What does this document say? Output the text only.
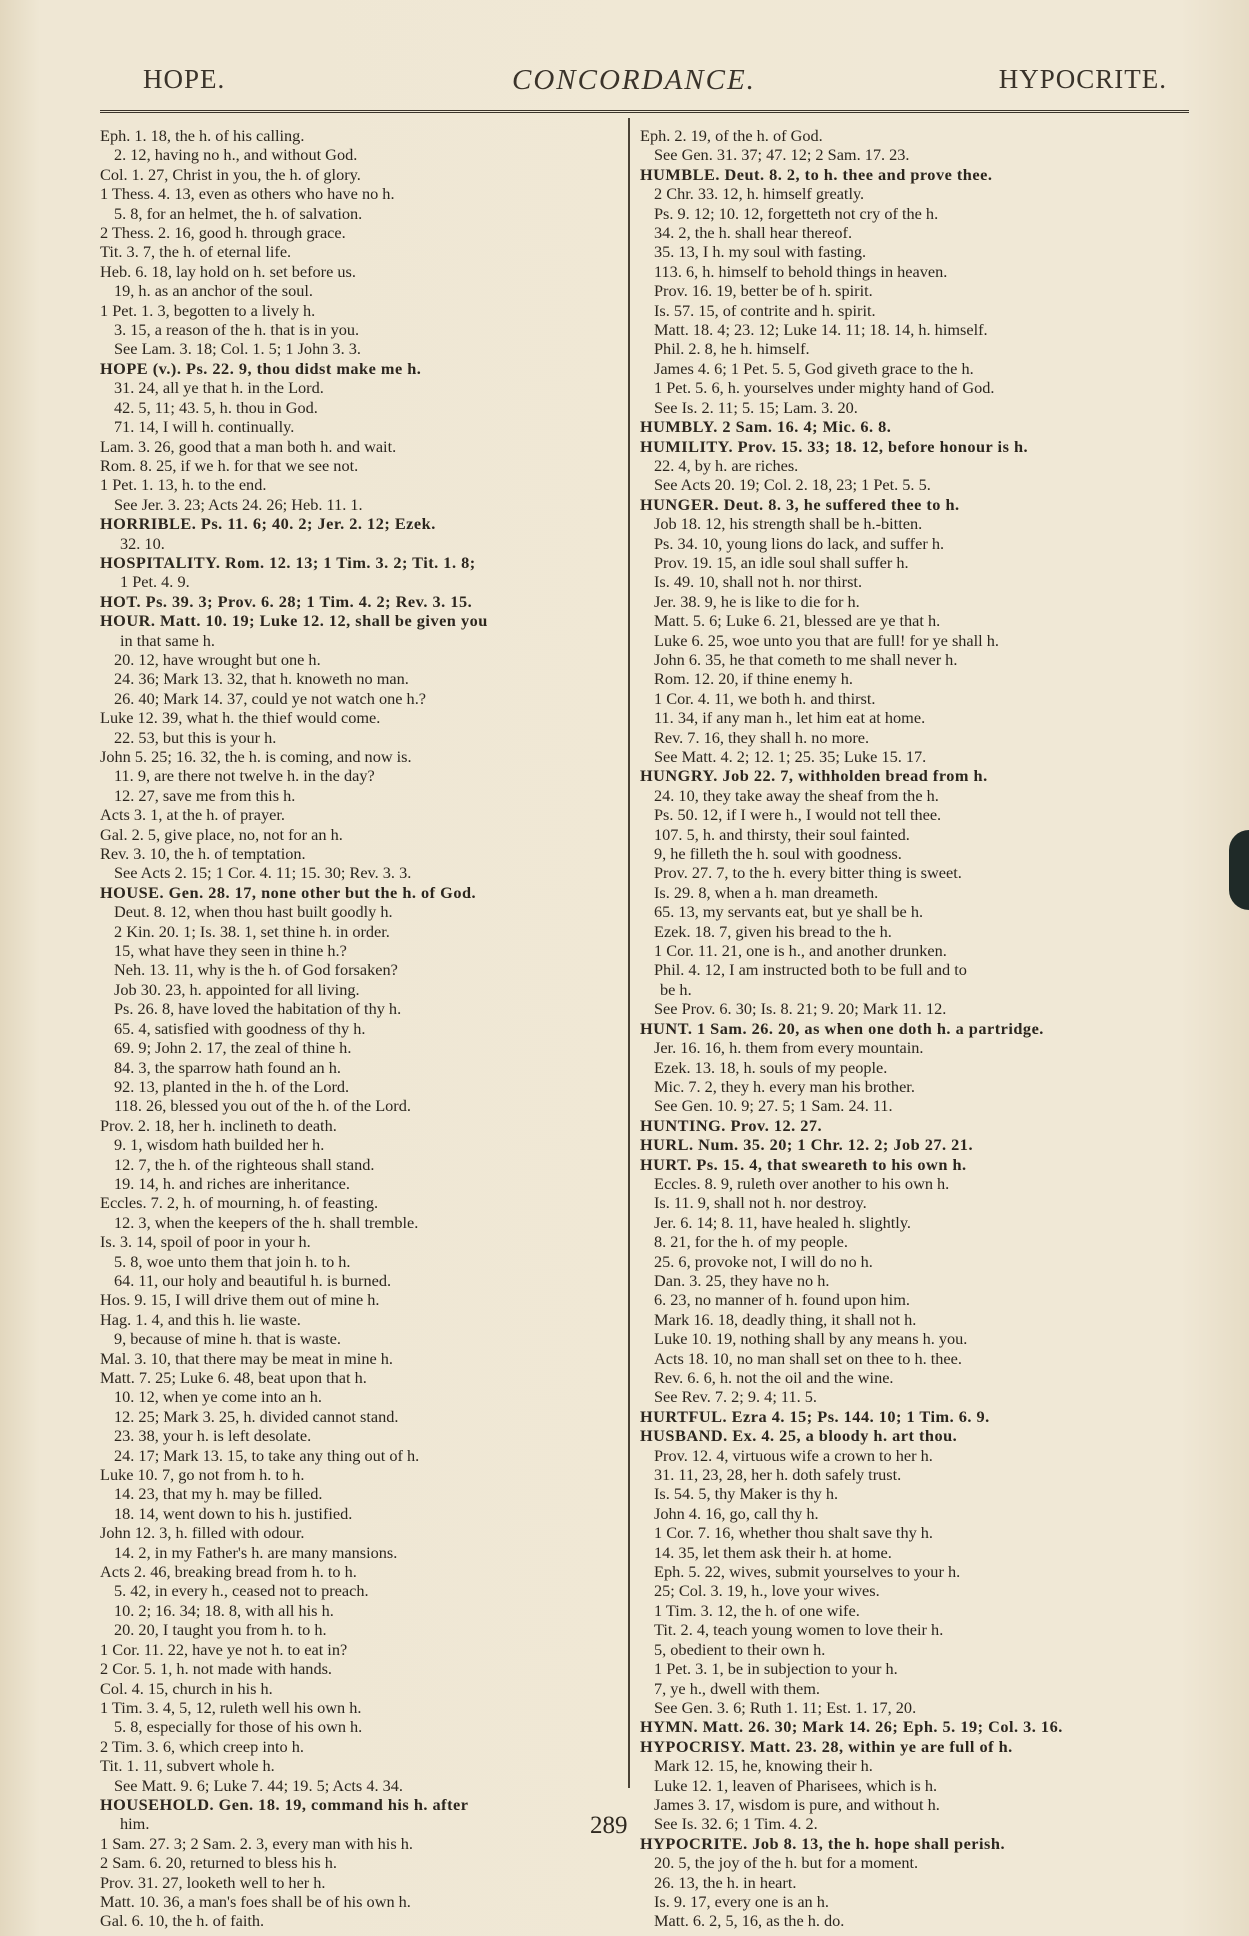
HOPE.	CONCORDANCE.	HYPOCRITE.
Eph. 1. 18, the h. of his calling.
2. 12, having no h., and without God.
Col. 1. 27, Christ in you, the h. of glory.
1 Thess. 4. 13, even as others who have no h.
5. 8, for an helmet, the h. of salvation.
2 Thess. 2. 16, good h. through grace.
Tit. 3. 7, the h. of eternal life.
Heb. 6. 18, lay hold on h. set before us.
19, h. as an anchor of the soul.
1 Pet. 1. 3, begotten to a lively h.
3. 15, a reason of the h. that is in you.
See Lam. 3. 18; Col. 1. 5; 1 John 3. 3.
HOPE (v.). Ps. 22. 9, thou didst make me h.
31. 24, all ye that h. in the Lord.
42. 5, 11; 43. 5, h. thou in God.
71. 14, I will h. continually.
Lam. 3. 26, good that a man both h. and wait.
Rom. 8. 25, if we h. for that we see not.
1 Pet. 1. 13, h. to the end.
See Jer. 3. 23; Acts 24. 26; Heb. 11. 1.
HORRIBLE. Ps. 11. 6; 40. 2; Jer. 2. 12; Ezek.
32. 10.
HOSPITALITY. Rom. 12. 13; 1 Tim. 3. 2; Tit. 1. 8;
1 Pet. 4. 9.
HOT. Ps. 39. 3; Prov. 6. 28; 1 Tim. 4. 2; Rev. 3. 15.
HOUR. Matt. 10. 19; Luke 12. 12, shall be given you
in that same h.
20. 12, have wrought but one h.
24. 36; Mark 13. 32, that h. knoweth no man.
26. 40; Mark 14. 37, could ye not watch one h.?
Luke 12. 39, what h. the thief would come.
22. 53, but this is your h.
John 5. 25; 16. 32, the h. is coming, and now is.
11. 9, are there not twelve h. in the day?
12. 27, save me from this h.
Acts 3. 1, at the h. of prayer.
Gal. 2. 5, give place, no, not for an h.
Rev. 3. 10, the h. of temptation.
See Acts 2. 15; 1 Cor. 4. 11; 15. 30; Rev. 3. 3.
HOUSE. Gen. 28. 17, none other but the h. of God.
Deut. 8. 12, when thou hast built goodly h.
2 Kin. 20. 1; Is. 38. 1, set thine h. in order.
15, what have they seen in thine h.?
Neh. 13. 11, why is the h. of God forsaken?
Job 30. 23, h. appointed for all living.
Ps. 26. 8, have loved the habitation of thy h.
65. 4, satisfied with goodness of thy h.
69. 9; John 2. 17, the zeal of thine h.
84. 3, the sparrow hath found an h.
92. 13, planted in the h. of the Lord.
118. 26, blessed you out of the h. of the Lord.
Prov. 2. 18, her h. inclineth to death.
9. 1, wisdom hath builded her h.
12. 7, the h. of the righteous shall stand.
19. 14, h. and riches are inheritance.
Eccles. 7. 2, h. of mourning, h. of feasting.
12. 3, when the keepers of the h. shall tremble.
Is. 3. 14, spoil of poor in your h.
5. 8, woe unto them that join h. to h.
64. 11, our holy and beautiful h. is burned.
Hos. 9. 15, I will drive them out of mine h.
Hag. 1. 4, and this h. lie waste.
9, because of mine h. that is waste.
Mal. 3. 10, that there may be meat in mine h.
Matt. 7. 25; Luke 6. 48, beat upon that h.
10. 12, when ye come into an h.
12. 25; Mark 3. 25, h. divided cannot stand.
23. 38, your h. is left desolate.
24. 17; Mark 13. 15, to take any thing out of h.
Luke 10. 7, go not from h. to h.
14. 23, that my h. may be filled.
18. 14, went down to his h. justified.
John 12. 3, h. filled with odour.
14. 2, in my Father's h. are many mansions.
Acts 2. 46, breaking bread from h. to h.
5. 42, in every h., ceased not to preach.
10. 2; 16. 34; 18. 8, with all his h.
20. 20, I taught you from h. to h.
1 Cor. 11. 22, have ye not h. to eat in?
2 Cor. 5. 1, h. not made with hands.
Col. 4. 15, church in his h.
1 Tim. 3. 4, 5, 12, ruleth well his own h.
5. 8, especially for those of his own h.
2 Tim. 3. 6, which creep into h.
Tit. 1. 11, subvert whole h.
See Matt. 9. 6; Luke 7. 44; 19. 5; Acts 4. 34.
HOUSEHOLD. Gen. 18. 19, command his h. after
him.
1 Sam. 27. 3; 2 Sam. 2. 3, every man with his h.
2 Sam. 6. 20, returned to bless his h.
Prov. 31. 27, looketh well to her h.
Matt. 10. 36, a man's foes shall be of his own h.
Gal. 6. 10, the h. of faith.
Eph. 2. 19, of the h. of God.
See Gen. 31. 37; 47. 12; 2 Sam. 17. 23.
HUMBLE. Deut. 8. 2, to h. thee and prove thee.
2 Chr. 33. 12, h. himself greatly.
Ps. 9. 12; 10. 12, forgetteth not cry of the h.
34. 2, the h. shall hear thereof.
35. 13, I h. my soul with fasting.
113. 6, h. himself to behold things in heaven.
Prov. 16. 19, better be of h. spirit.
Is. 57. 15, of contrite and h. spirit.
Matt. 18. 4; 23. 12; Luke 14. 11; 18. 14, h. himself.
Phil. 2. 8, he h. himself.
James 4. 6; 1 Pet. 5. 5, God giveth grace to the h.
1 Pet. 5. 6, h. yourselves under mighty hand of God.
See Is. 2. 11; 5. 15; Lam. 3. 20.
HUMBLY. 2 Sam. 16. 4; Mic. 6. 8.
HUMILITY. Prov. 15. 33; 18. 12, before honour is h.
22. 4, by h. are riches.
See Acts 20. 19; Col. 2. 18, 23; 1 Pet. 5. 5.
HUNGER. Deut. 8. 3, he suffered thee to h.
Job 18. 12, his strength shall be h.-bitten.
Ps. 34. 10, young lions do lack, and suffer h.
Prov. 19. 15, an idle soul shall suffer h.
Is. 49. 10, shall not h. nor thirst.
Jer. 38. 9, he is like to die for h.
Matt. 5. 6; Luke 6. 21, blessed are ye that h.
Luke 6. 25, woe unto you that are full! for ye shall h.
John 6. 35, he that cometh to me shall never h.
Rom. 12. 20, if thine enemy h.
1 Cor. 4. 11, we both h. and thirst.
11. 34, if any man h., let him eat at home.
Rev. 7. 16, they shall h. no more.
See Matt. 4. 2; 12. 1; 25. 35; Luke 15. 17.
HUNGRY. Job 22. 7, withholden bread from h.
24. 10, they take away the sheaf from the h.
Ps. 50. 12, if I were h., I would not tell thee.
107. 5, h. and thirsty, their soul fainted.
9, he filleth the h. soul with goodness.
Prov. 27. 7, to the h. every bitter thing is sweet.
Is. 29. 8, when a h. man dreameth.
65. 13, my servants eat, but ye shall be h.
Ezek. 18. 7, given his bread to the h.
1 Cor. 11. 21, one is h., and another drunken.
Phil. 4. 12, I am instructed both to be full and to
be h.
See Prov. 6. 30; Is. 8. 21; 9. 20; Mark 11. 12.
HUNT. 1 Sam. 26. 20, as when one doth h. a partridge.
Jer. 16. 16, h. them from every mountain.
Ezek. 13. 18, h. souls of my people.
Mic. 7. 2, they h. every man his brother.
See Gen. 10. 9; 27. 5; 1 Sam. 24. 11.
HUNTING. Prov. 12. 27.
HURL. Num. 35. 20; 1 Chr. 12. 2; Job 27. 21.
HURT. Ps. 15. 4, that sweareth to his own h.
Eccles. 8. 9, ruleth over another to his own h.
Is. 11. 9, shall not h. nor destroy.
Jer. 6. 14; 8. 11, have healed h. slightly.
8. 21, for the h. of my people.
25. 6, provoke not, I will do no h.
Dan. 3. 25, they have no h.
6. 23, no manner of h. found upon him.
Mark 16. 18, deadly thing, it shall not h.
Luke 10. 19, nothing shall by any means h. you.
Acts 18. 10, no man shall set on thee to h. thee.
Rev. 6. 6, h. not the oil and the wine.
See Rev. 7. 2; 9. 4; 11. 5.
HURTFUL. Ezra 4. 15; Ps. 144. 10; 1 Tim. 6. 9.
HUSBAND. Ex. 4. 25, a bloody h. art thou.
Prov. 12. 4, virtuous wife a crown to her h.
31. 11, 23, 28, her h. doth safely trust.
Is. 54. 5, thy Maker is thy h.
John 4. 16, go, call thy h.
1 Cor. 7. 16, whether thou shalt save thy h.
14. 35, let them ask their h. at home.
Eph. 5. 22, wives, submit yourselves to your h.
25; Col. 3. 19, h., love your wives.
1 Tim. 3. 12, the h. of one wife.
Tit. 2. 4, teach young women to love their h.
5, obedient to their own h.
1 Pet. 3. 1, be in subjection to your h.
7, ye h., dwell with them.
See Gen. 3. 6; Ruth 1. 11; Est. 1. 17, 20.
HYMN. Matt. 26. 30; Mark 14. 26; Eph. 5. 19; Col. 3. 16.
HYPOCRISY. Matt. 23. 28, within ye are full of h.
Mark 12. 15, he, knowing their h.
Luke 12. 1, leaven of Pharisees, which is h.
James 3. 17, wisdom is pure, and without h.
See Is. 32. 6; 1 Tim. 4. 2.
HYPOCRITE. Job 8. 13, the h. hope shall perish.
20. 5, the joy of the h. but for a moment.
26. 13, the h. in heart.
Is. 9. 17, every one is an h.
Matt. 6. 2, 5, 16, as the h. do.
289
